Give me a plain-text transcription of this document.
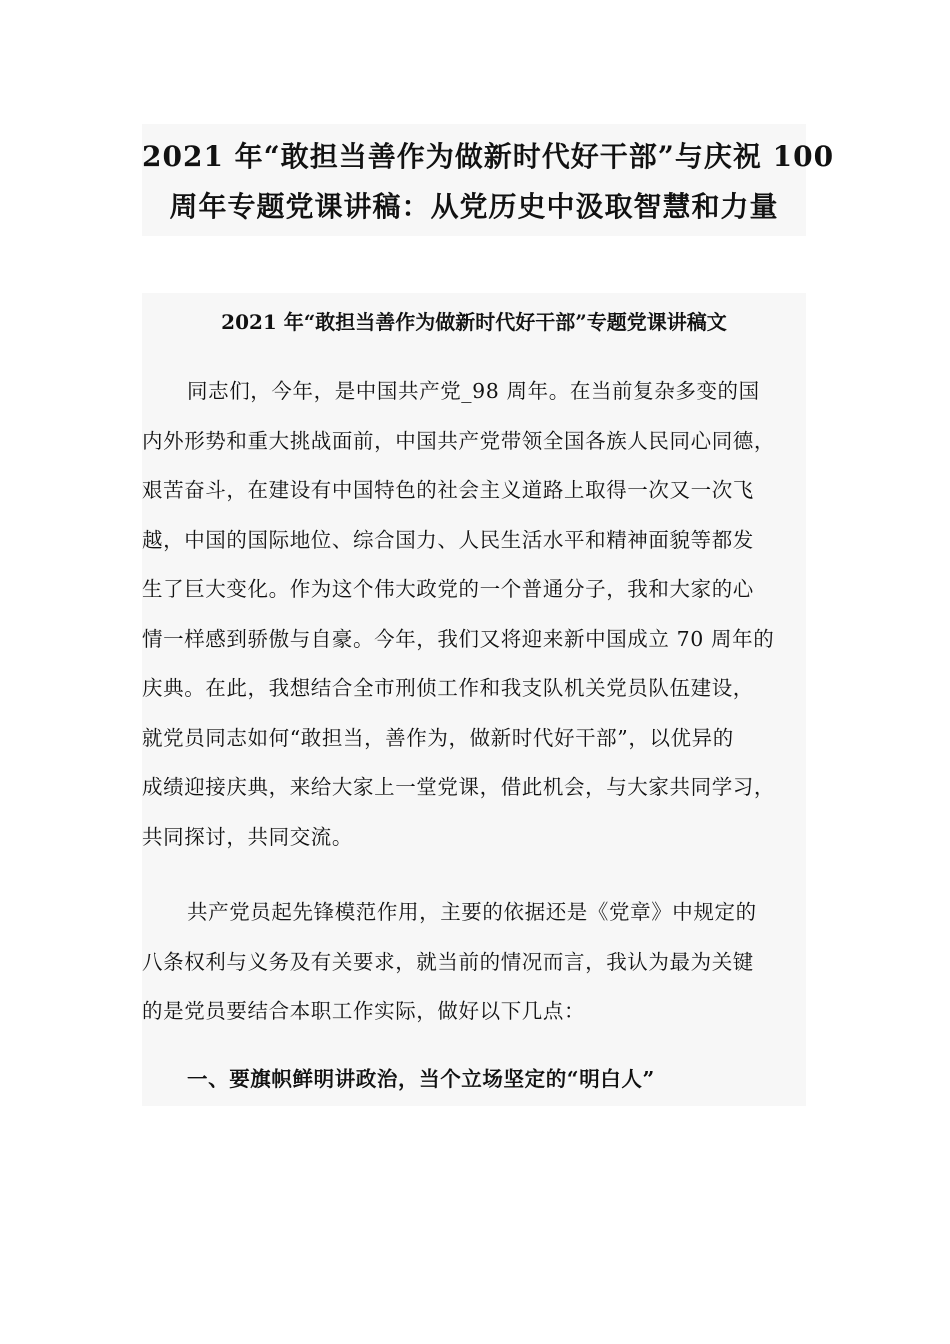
2021 年“敢担当善作为做新时代好干部”与庆祝 100
周年专题党课讲稿：从党历史中汲取智慧和力量
2021 年“敢担当善作为做新时代好干部”专题党课讲稿文
同志们，今年，是中国共产党_98 周年。在当前复杂多变的国
内外形势和重大挑战面前，中国共产党带领全国各族人民同心同德，
艰苦奋斗，在建设有中国特色的社会主义道路上取得一次又一次飞
越，中国的国际地位、综合国力、人民生活水平和精神面貌等都发
生了巨大变化。作为这个伟大政党的一个普通分子，我和大家的心
情一样感到骄傲与自豪。今年，我们又将迎来新中国成立 70 周年的
庆典。在此，我想结合全市刑侦工作和我支队机关党员队伍建设，
就党员同志如何“敢担当，善作为，做新时代好干部”，以优异的
成绩迎接庆典，来给大家上一堂党课，借此机会，与大家共同学习，
共同探讨，共同交流。
共产党员起先锋模范作用，主要的依据还是《党章》中规定的
八条权利与义务及有关要求，就当前的情况而言，我认为最为关键
的是党员要结合本职工作实际，做好以下几点：
一、要旗帜鲜明讲政治，当个立场坚定的“明白人”
